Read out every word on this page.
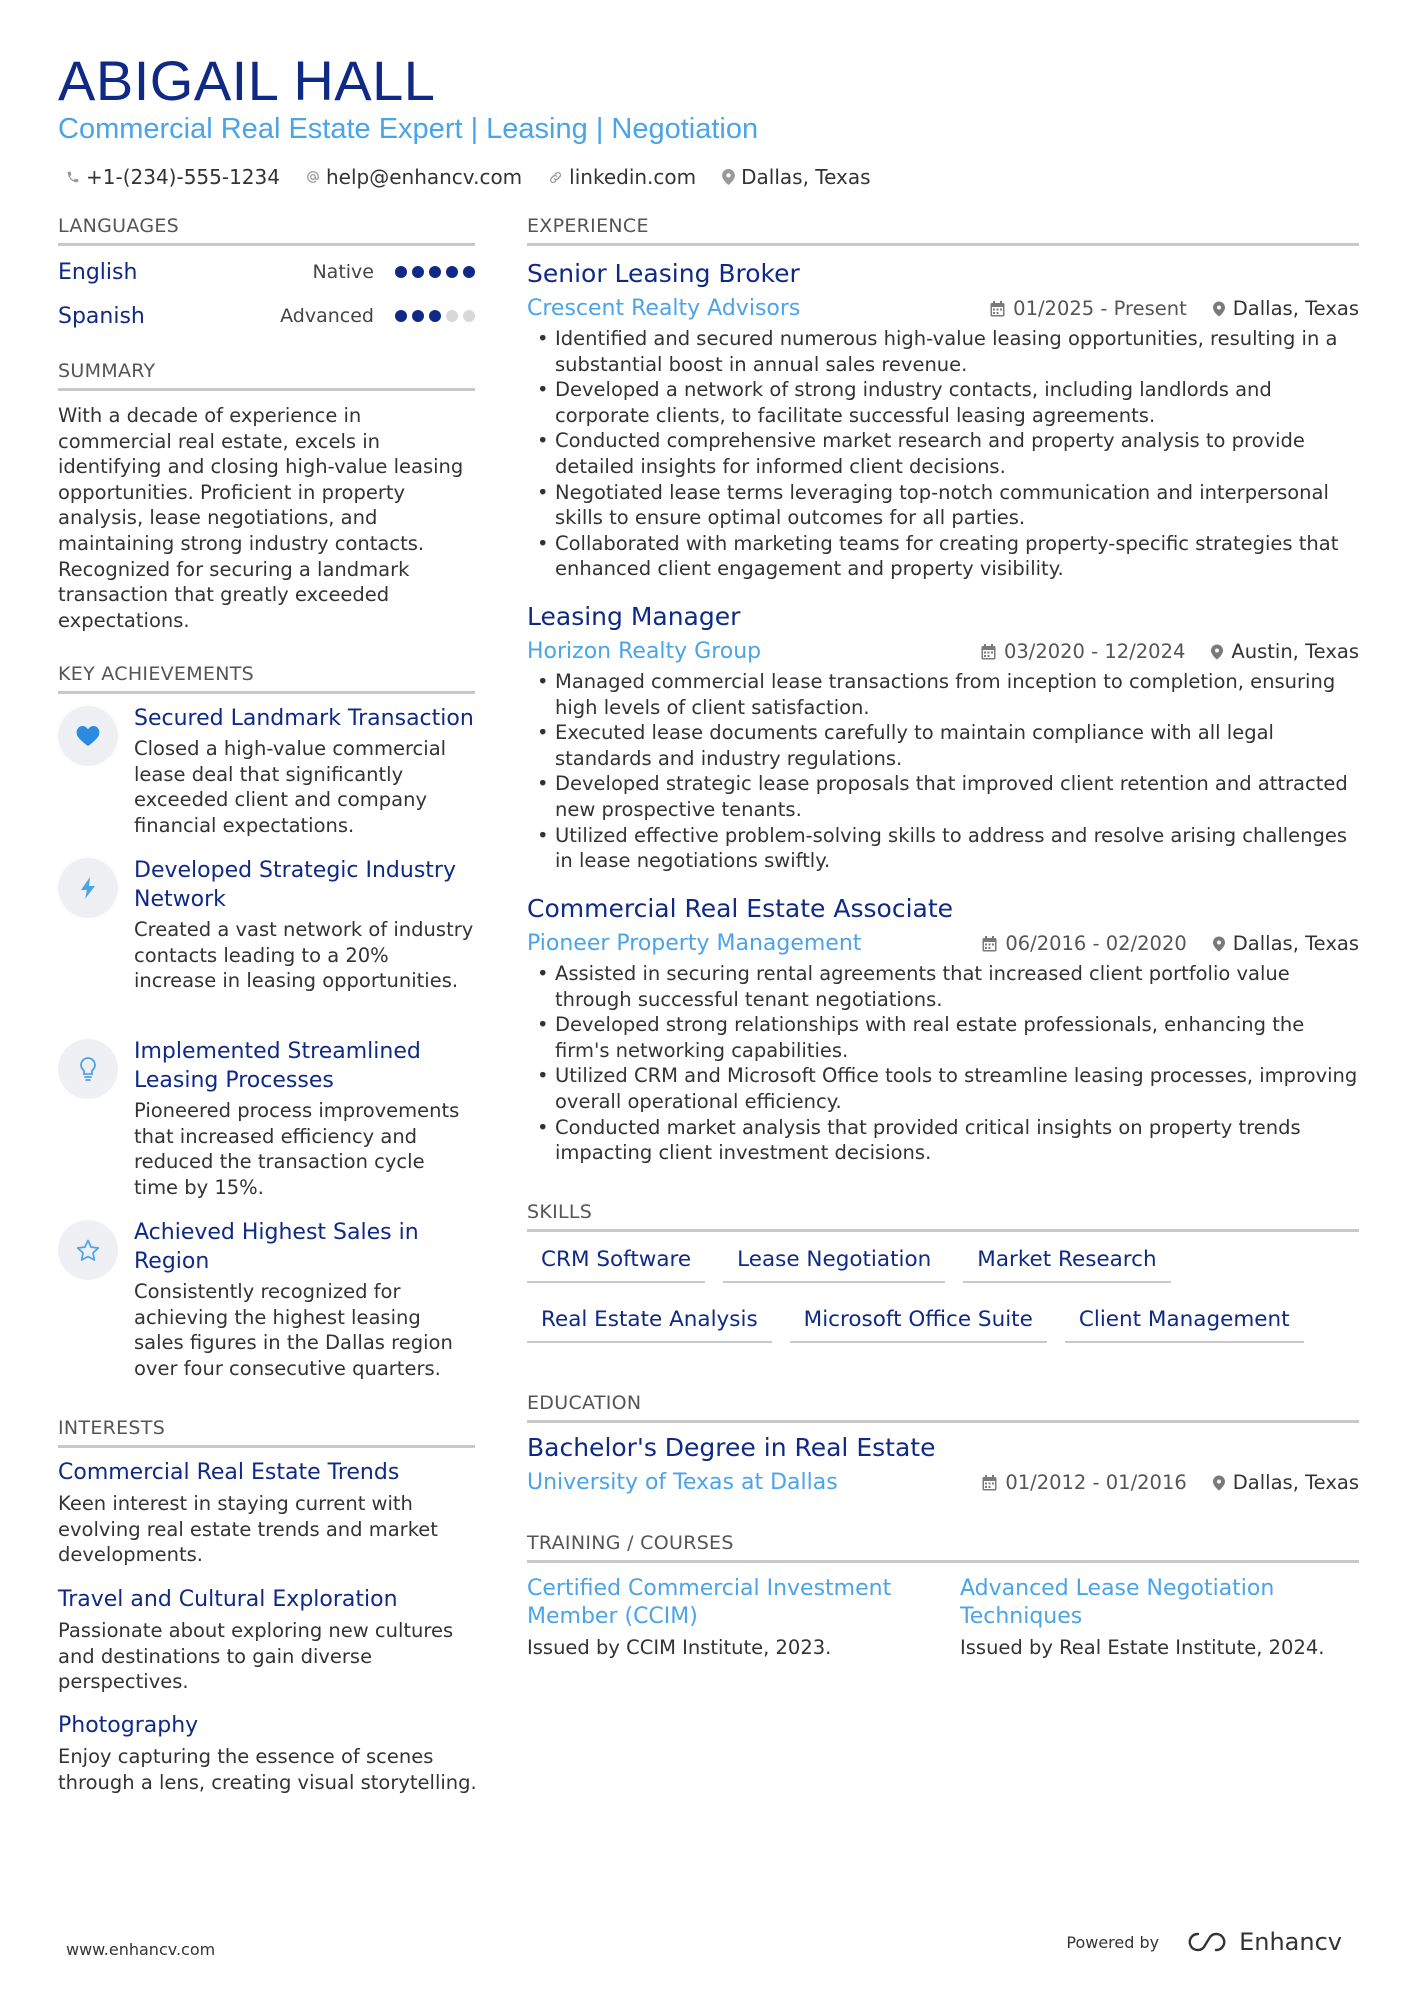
ABIGAIL HALL
Commercial Real Estate Expert | Leasing | Negotiation
+1-(234)-555-1234 help@enhancv.com linkedin.com Dallas, Texas
LANGUAGES
English	Native
Spanish	Advanced
SUMMARY
With a decade of experience in commercial real estate, excels in identifying and closing high-value leasing opportunities. Proficient in property analysis, lease negotiations, and maintaining strong industry contacts. Recognized for securing a landmark transaction that greatly exceeded expectations.
KEY ACHIEVEMENTS
Secured Landmark Transaction
Closed a high-value commercial lease deal that significantly exceeded client and company financial expectations.
Developed Strategic Industry Network
Created a vast network of industry contacts leading to a 20% increase in leasing opportunities.
Implemented Streamlined Leasing Processes
Pioneered process improvements that increased efficiency and reduced the transaction cycle time by 15%.
Achieved Highest Sales in Region
Consistently recognized for achieving the highest leasing sales figures in the Dallas region over four consecutive quarters.
INTERESTS
Commercial Real Estate Trends
Keen interest in staying current with evolving real estate trends and market developments.
Travel and Cultural Exploration
Passionate about exploring new cultures and destinations to gain diverse perspectives.
Photography
Enjoy capturing the essence of scenes through a lens, creating visual storytelling.
EXPERIENCE
Senior Leasing Broker
Crescent Realty Advisors	01/2025 - Present Dallas, Texas
• Identified and secured numerous high-value leasing opportunities, resulting in a substantial boost in annual sales revenue.
• Developed a network of strong industry contacts, including landlords and corporate clients, to facilitate successful leasing agreements.
• Conducted comprehensive market research and property analysis to provide detailed insights for informed client decisions.
• Negotiated lease terms leveraging top-notch communication and interpersonal skills to ensure optimal outcomes for all parties.
• Collaborated with marketing teams for creating property-specific strategies that enhanced client engagement and property visibility.
Leasing Manager
Horizon Realty Group	03/2020 - 12/2024 Austin, Texas
• Managed commercial lease transactions from inception to completion, ensuring high levels of client satisfaction.
• Executed lease documents carefully to maintain compliance with all legal standards and industry regulations.
• Developed strategic lease proposals that improved client retention and attracted new prospective tenants.
• Utilized effective problem-solving skills to address and resolve arising challenges in lease negotiations swiftly.
Commercial Real Estate Associate
Pioneer Property Management	06/2016 - 02/2020 Dallas, Texas
• Assisted in securing rental agreements that increased client portfolio value through successful tenant negotiations.
• Developed strong relationships with real estate professionals, enhancing the firm's networking capabilities.
• Utilized CRM and Microsoft Office tools to streamline leasing processes, improving overall operational efficiency.
• Conducted market analysis that provided critical insights on property trends impacting client investment decisions.
SKILLS
CRM Software	Lease Negotiation	Market Research
Real Estate Analysis	Microsoft Office Suite	Client Management
EDUCATION
Bachelor's Degree in Real Estate
University of Texas at Dallas	01/2012 - 01/2016 Dallas, Texas
TRAINING / COURSES
Certified Commercial Investment Member (CCIM)
Issued by CCIM Institute, 2023.
Advanced Lease Negotiation Techniques
Issued by Real Estate Institute, 2024.
www.enhancv.com	Powered by	Enhancv
